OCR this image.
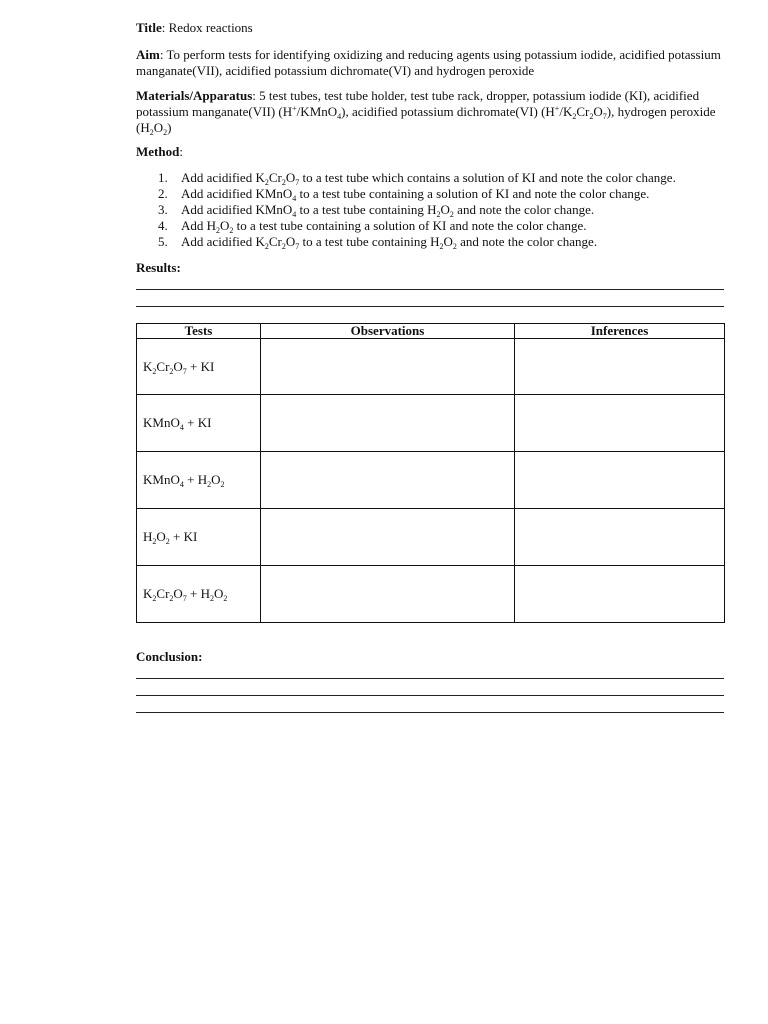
Title: Redox reactions

Aim: To perform tests for identifying oxidizing and reducing agents using potassium iodide, acidified potassium manganate(VII), acidified potassium dichromate(VI) and hydrogen peroxide

Materials/Apparatus: 5 test tubes, test tube holder, test tube rack, dropper, potassium iodide (KI), acidified potassium manganate(VII) (H+/KMnO$_4$), acidified potassium dichromate(VI) $(H^+/K_2Cr_2O_7)$, hydrogen peroxide $(H_2O_2)$

Method:

1. Add acidified $K_2Cr_2O_7$ to a test tube which contains a solution of KI and note the color change.
2. Add acidified KMnO$_4$ to a test tube containing a solution of KI and note the color change.
3. Add acidified KMnO$_4$ to a test tube containing $H_2O_2$ and note the color change.
4. Add $H_2O_2$ to a test tube containing a solution of KI and note the color change.
5. Add acidified $K_2Cr_2O_7$ to a test tube containing $H_2O_2$ and note the color change.

Results:

Tests	Observations	Inferences
$K_2Cr_2O_7$ + KI		
KMnO$_4$ + KI		
KMnO$_4$ + $H_2O_2$		
$H_2O_2$ + KI		
$K_2Cr_2O_7 + H_2O_2$		

Conclusion:
